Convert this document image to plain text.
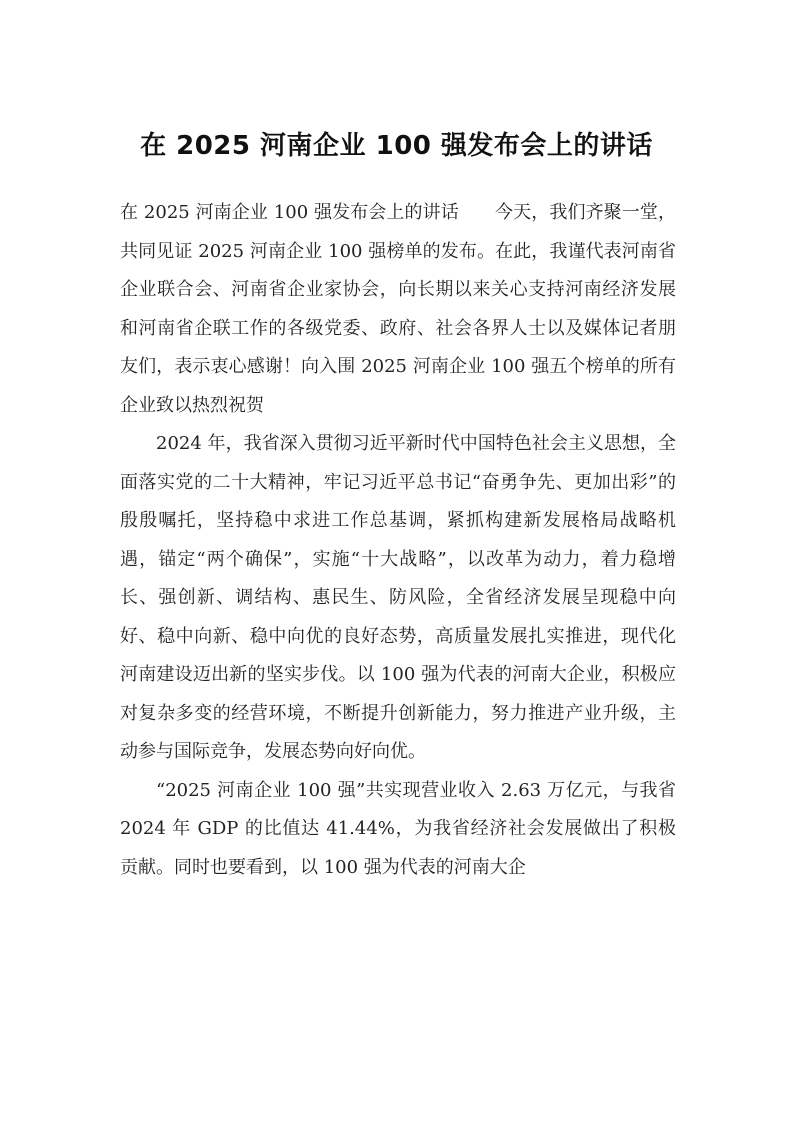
在 2025 河南企业 100 强发布会上的讲话

在 2025 河南企业 100 强发布会上的讲话　　今天，我们齐聚一堂，共同见证 2025 河南企业 100 强榜单的发布。在此，我谨代表河南省企业联合会、河南省企业家协会，向长期以来关心支持河南经济发展和河南省企联工作的各级党委、政府、社会各界人士以及媒体记者朋友们，表示衷心感谢！向入围 2025 河南企业 100 强五个榜单的所有企业致以热烈祝贺

2024 年，我省深入贯彻习近平新时代中国特色社会主义思想，全面落实党的二十大精神，牢记习近平总书记“奋勇争先、更加出彩”的殷殷嘱托，坚持稳中求进工作总基调，紧抓构建新发展格局战略机遇，锚定“两个确保”，实施“十大战略”，以改革为动力，着力稳增长、强创新、调结构、惠民生、防风险，全省经济发展呈现稳中向好、稳中向新、稳中向优的良好态势，高质量发展扎实推进，现代化河南建设迈出新的坚实步伐。以 100 强为代表的河南大企业，积极应对复杂多变的经营环境，不断提升创新能力，努力推进产业升级，主动参与国际竞争，发展态势向好向优。

“2025 河南企业 100 强”共实现营业收入 2.63 万亿元，与我省 2024 年 GDP 的比值达 41.44%，为我省经济社会发展做出了积极贡献。同时也要看到，以 100 强为代表的河南大企
